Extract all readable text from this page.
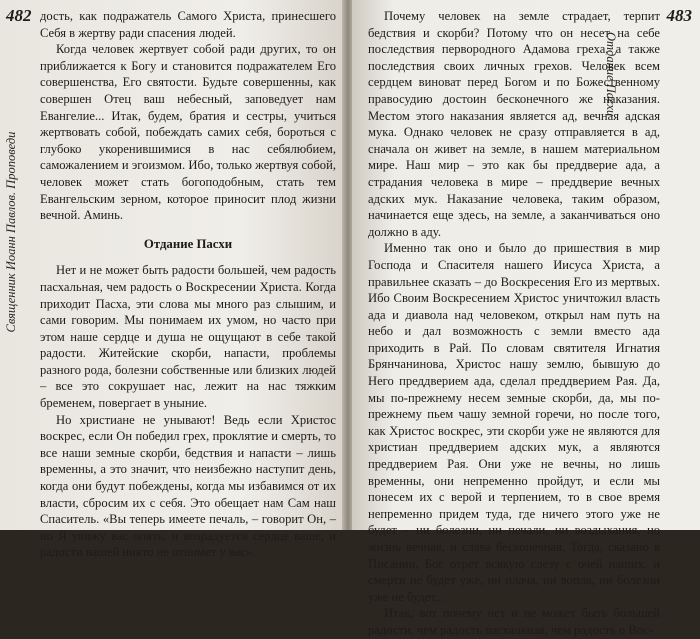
482
Священник Иоанн Павлов. Проповеди

дость, как подражатель Самого Христа, принесшего Себя в жертву ради спасения людей.

Когда человек жертвует собой ради других, то он приближается к Богу и становится подражателем Его совершенства, Его святости. Будьте совершенны, как совершен Отец ваш небесный, заповедует нам Евангелие... Итак, будем, братия и сестры, учиться жертвовать собой, побеждать самих себя, бороться с глубоко укоренившимися в нас себялюбием, саможалением и эгоизмом. Ибо, только жертвуя собой, человек может стать богоподобным, стать тем Евангельским зерном, которое приносит плод жизни вечной. Аминь.

Отдание Пасхи

Нет и не может быть радости большей, чем радость пасхальная, чем радость о Воскресении Христа. Когда приходит Пасха, эти слова мы много раз слышим, и сами говорим. Мы понимаем их умом, но часто при этом наше сердце и душа не ощущают в себе такой радости. Житейские скорби, напасти, проблемы разного рода, болезни собственные или близких людей – все это сокрушает нас, лежит на нас тяжким бременем, повергает в уныние.

Но христиане не унывают! Ведь если Христос воскрес, если Он победил грех, проклятие и смерть, то все наши земные скорби, бедствия и напасти – лишь временны, а это значит, что неизбежно наступит день, когда они будут побеждены, когда мы избавимся от их власти, сбросим их с себя. Это обещает нам Сам наш Спаситель. «Вы теперь имеете печаль, – говорит Он, – но Я увижу вас опять, и возрадуется сердце ваше, и радости вашей никто не отнимет у вас».

483
Отдание Пасхи

Почему человек на земле страдает, терпит бедствия и скорби? Потому что он несет на себе последствия первородного Адамова греха, а также последствия своих личных грехов. Человек всем сердцем виноват перед Богом и по Божественному правосудию достоин бесконечного же наказания. Местом этого наказания является ад, вечная адская мука. Однако человек не сразу отправляется в ад, сначала он живет на земле, в нашем материальном мире. Наш мир – это как бы преддверие ада, а страдания человека в мире – преддверие вечных адских мук. Наказание человека, таким образом, начинается еще здесь, на земле, а заканчиваться оно должно в аду.

Именно так оно и было до пришествия в мир Господа и Спасителя нашего Иисуса Христа, а правильнее сказать – до Воскресения Его из мертвых. Ибо Своим Воскресением Христос уничтожил власть ада и диавола над человеком, открыл нам путь на небо и дал возможность с земли вместо ада приходить в Рай. По словам святителя Игнатия Брянчанинова, Христос нашу землю, бывшую до Него преддверием ада, сделал преддверием Рая. Да, мы по-прежнему несем земные скорби, да, мы по-прежнему пьем чашу земной горечи, но после того, как Христос воскрес, эти скорби уже не являются для христиан преддверием адских мук, а являются преддверием Рая. Они уже не вечны, но лишь временны, они непременно пройдут, и если мы понесем их с верой и терпением, то в свое время непременно придем туда, где ничего этого уже не будет – ни болезни, ни печали, ни воздыхания, но жизнь вечная, и слава бесконечная. Тогда, сказано в Писании, Бог отрет всякую слезу с очей наших, и смерти не будет уже, ни плача, ни вопля, ни болезни уже не будет...

Итак, вот почему нет и не может быть большей радости, чем радость пасхальная, чем радость о Вос-
